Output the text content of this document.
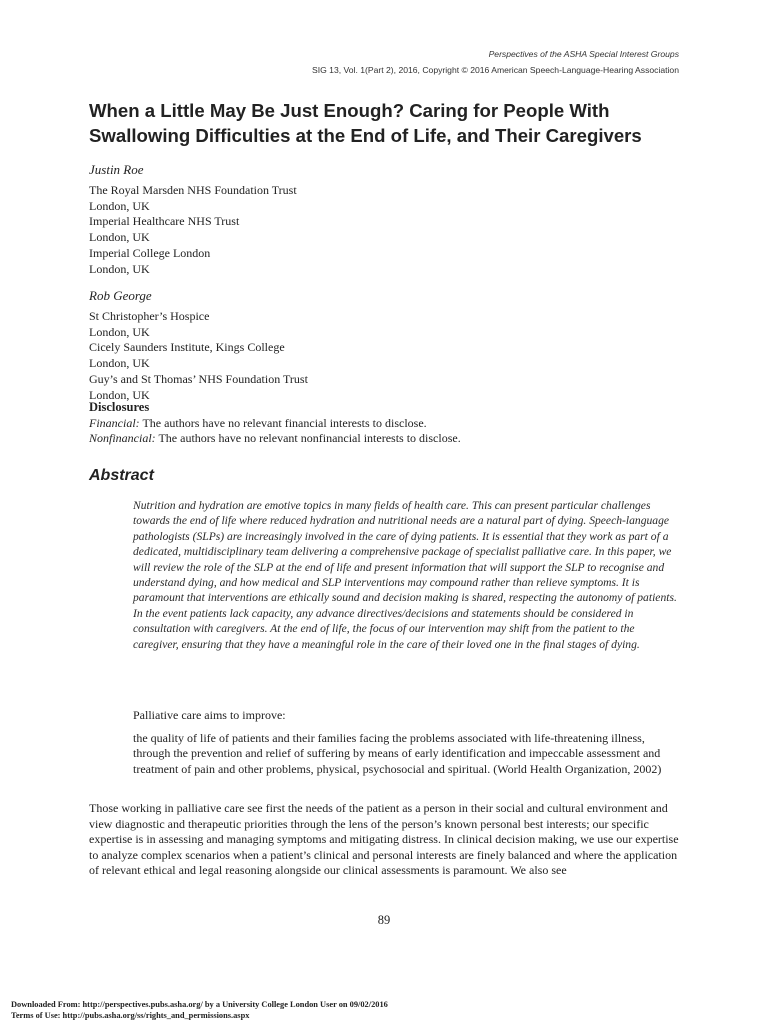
Perspectives of the ASHA Special Interest Groups
SIG 13, Vol. 1(Part 2), 2016, Copyright © 2016 American Speech-Language-Hearing Association
When a Little May Be Just Enough? Caring for People With Swallowing Difficulties at the End of Life, and Their Caregivers

Justin Roe

The Royal Marsden NHS Foundation Trust

London, UK

Imperial Healthcare NHS Trust

London, UK

Imperial College London

London, UK

Rob George

St Christopher’s Hospice

London, UK

Cicely Saunders Institute, Kings College

London, UK

Guy’s and St Thomas’ NHS Foundation Trust

London, UK

Disclosures
Financial: The authors have no relevant financial interests to disclose.
Nonfinancial: The authors have no relevant nonfinancial interests to disclose.
Abstract

Nutrition and hydration are emotive topics in many fields of health care. This can present particular challenges towards the end of life where reduced hydration and nutritional needs are a natural part of dying. Speech-language pathologists (SLPs) are increasingly involved in the care of dying patients. It is essential that they work as part of a dedicated, multidisciplinary team delivering a comprehensive package of specialist palliative care. In this paper, we will review the role of the SLP at the end of life and present information that will support the SLP to recognise and understand dying, and how medical and SLP interventions may compound rather than relieve symptoms. It is paramount that interventions are ethically sound and decision making is shared, respecting the autonomy of patients. In the event patients lack capacity, any advance directives/decisions and statements should be considered in consultation with caregivers. At the end of life, the focus of our intervention may shift from the patient to the caregiver, ensuring that they have a meaningful role in the care of their loved one in the final stages of dying.

Palliative care aims to improve:

the quality of life of patients and their families facing the problems associated with life-threatening illness, through the prevention and relief of suffering by means of early identification and impeccable assessment and treatment of pain and other problems, physical, psychosocial and spiritual. (World Health Organization, 2002)

Those working in palliative care see first the needs of the patient as a person in their social and cultural environment and view diagnostic and therapeutic priorities through the lens of the person’s known personal best interests; our specific expertise is in assessing and managing symptoms and mitigating distress. In clinical decision making, we use our expertise to analyze complex scenarios when a patient’s clinical and personal interests are finely balanced and where the application of relevant ethical and legal reasoning alongside our clinical assessments is paramount. We also see

89
Downloaded From: http://perspectives.pubs.asha.org/ by a University College London User on 09/02/2016
Terms of Use: http://pubs.asha.org/ss/rights_and_permissions.aspx
